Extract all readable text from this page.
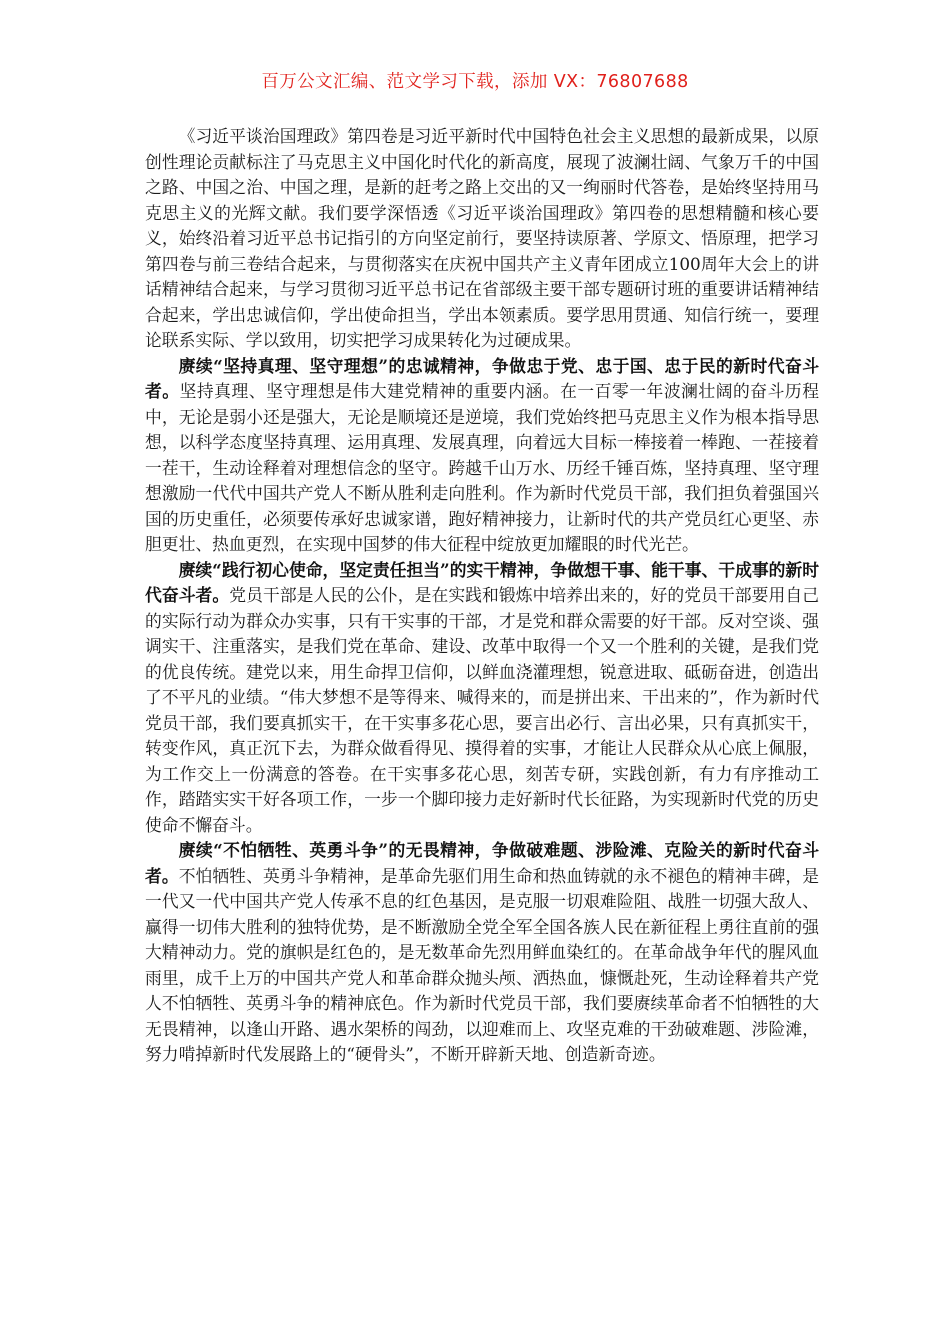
百万公文汇编、范文学习下载，添加 VX：76807688

《习近平谈治国理政》第四卷是习近平新时代中国特色社会主义思想的最新成果，以原创性理论贡献标注了马克思主义中国化时代化的新高度，展现了波澜壮阔、气象万千的中国之路、中国之治、中国之理，是新的赶考之路上交出的又一绚丽时代答卷，是始终坚持用马克思主义的光辉文献。我们要学深悟透《习近平谈治国理政》第四卷的思想精髓和核心要义，始终沿着习近平总书记指引的方向坚定前行，要坚持读原著、学原文、悟原理，把学习第四卷与前三卷结合起来，与贯彻落实在庆祝中国共产主义青年团成立100周年大会上的讲话精神结合起来，与学习贯彻习近平总书记在省部级主要干部专题研讨班的重要讲话精神结合起来，学出忠诚信仰，学出使命担当，学出本领素质。要学思用贯通、知信行统一，要理论联系实际、学以致用，切实把学习成果转化为过硬成果。

赓续“坚持真理、坚守理想”的忠诚精神，争做忠于党、忠于国、忠于民的新时代奋斗者。坚持真理、坚守理想是伟大建党精神的重要内涵。在一百零一年波澜壮阔的奋斗历程中，无论是弱小还是强大，无论是顺境还是逆境，我们党始终把马克思主义作为根本指导思想，以科学态度坚持真理、运用真理、发展真理，向着远大目标一棒接着一棒跑、一茬接着一茬干，生动诠释着对理想信念的坚守。跨越千山万水、历经千锤百炼，坚持真理、坚守理想激励一代代中国共产党人不断从胜利走向胜利。作为新时代党员干部，我们担负着强国兴国的历史重任，必须要传承好忠诚家谱，跑好精神接力，让新时代的共产党员红心更坚、赤胆更壮、热血更烈，在实现中国梦的伟大征程中绽放更加耀眼的时代光芒。

赓续“践行初心使命，坚定责任担当”的实干精神，争做想干事、能干事、干成事的新时代奋斗者。党员干部是人民的公仆，是在实践和锻炼中培养出来的，好的党员干部要用自己的实际行动为群众办实事，只有干实事的干部，才是党和群众需要的好干部。反对空谈、强调实干、注重落实，是我们党在革命、建设、改革中取得一个又一个胜利的关键，是我们党的优良传统。建党以来，用生命捍卫信仰，以鲜血浇灌理想，锐意进取、砥砺奋进，创造出了不平凡的业绩。“伟大梦想不是等得来、喊得来的，而是拼出来、干出来的”，作为新时代党员干部，我们要真抓实干，在干实事多花心思，要言出必行、言出必果，只有真抓实干，转变作风，真正沉下去，为群众做看得见、摸得着的实事，才能让人民群众从心底上佩服，为工作交上一份满意的答卷。在干实事多花心思，刻苦专研，实践创新，有力有序推动工作，踏踏实实干好各项工作，一步一个脚印接力走好新时代长征路，为实现新时代党的历史使命不懈奋斗。

赓续“不怕牺牲、英勇斗争”的无畏精神，争做破难题、涉险滩、克险关的新时代奋斗者。不怕牺牲、英勇斗争精神，是革命先驱们用生命和热血铸就的永不褪色的精神丰碑，是一代又一代中国共产党人传承不息的红色基因，是克服一切艰难险阻、战胜一切强大敌人、赢得一切伟大胜利的独特优势，是不断激励全党全军全国各族人民在新征程上勇往直前的强大精神动力。党的旗帜是红色的，是无数革命先烈用鲜血染红的。在革命战争年代的腥风血雨里，成千上万的中国共产党人和革命群众抛头颅、洒热血，慷慨赴死，生动诠释着共产党人不怕牺牲、英勇斗争的精神底色。作为新时代党员干部，我们要赓续革命者不怕牺牲的大无畏精神，以逢山开路、遇水架桥的闯劲，以迎难而上、攻坚克难的干劲破难题、涉险滩，努力啃掉新时代发展路上的“硬骨头”，不断开辟新天地、创造新奇迹。
